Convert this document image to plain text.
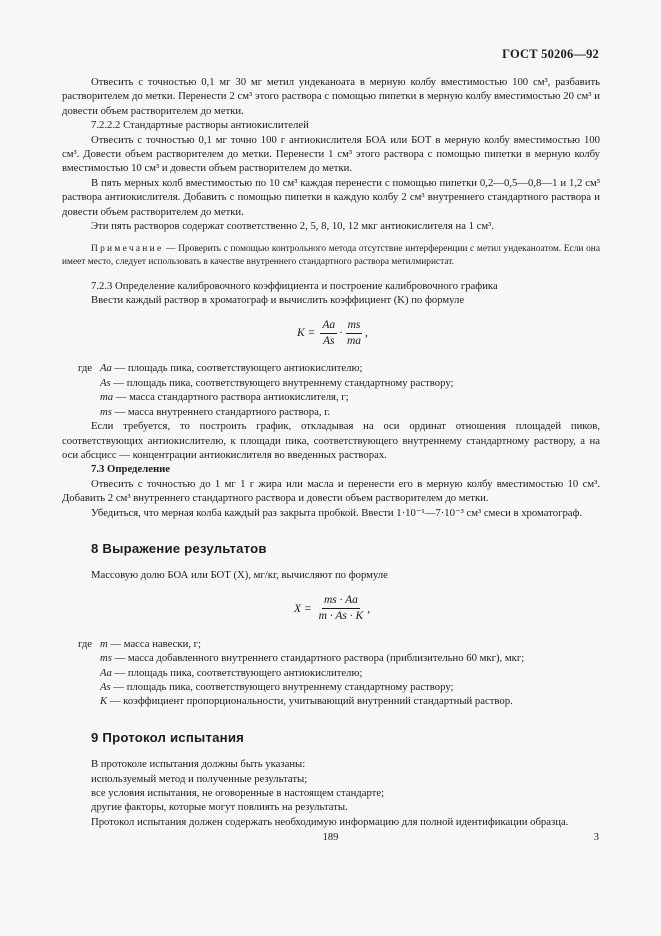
ГОСТ 50206—92

Отвесить с точностью 0,1 мг 30 мг метил ундеканоата в мерную колбу вместимостью 100 см³, разбавить растворителем до метки. Перенести 2 см³ этого раствора с помощью пипетки в мерную колбу вместимостью 20 см³ и довести объем растворителем до метки.

7.2.2.2 Стандартные растворы антиокислителей

Отвесить с точностью 0,1 мг точно 100 г антиокислителя БОА или БОТ в мерную колбу вместимостью 100 см³. Довести объем растворителем до метки. Перенести 1 см³ этого раствора с помощью пипетки в мерную колбу вместимостью 10 см³ и довести объем растворителем до метки.

В пять мерных колб вместимостью по 10 см³ каждая перенести с помощью пипетки 0,2—0,5—0,8—1 и 1,2 см³ раствора антиокислителя. Добавить с помощью пипетки в каждую колбу 2 см³ внутреннего стандартного раствора и довести объем растворителем до метки.

Эти пять растворов содержат соответственно 2, 5, 8, 10, 12 мкг антиокислителя на 1 см³.

Примечание — Проверить с помощью контрольного метода отсутствие интерференции с метил ундеканоатом. Если она имеет место, следует использовать в качестве внутреннего стандартного раствора метилмиристат.

7.2.3 Определение калибровочного коэффициента и построение калибровочного графика

Ввести каждый раствор в хроматограф и вычислить коэффициент (K) по формуле

$K = \frac{Aa}{As} \cdot \frac{ms}{ma}$ ,
где Aa — площадь пика, соответствующего антиокислителю;
As — площадь пика, соответствующего внутреннему стандартному раствору;
ma — масса стандартного раствора антиокислителя, г;
ms — масса внутреннего стандартного раствора, г.

Если требуется, то построить график, откладывая на оси ординат отношения площадей пиков, соответствующих антиокислителю, к площади пика, соответствующего внутреннему стандартному раствору, а на оси абсцисс — концентрации антиокислителя во введенных растворах.

7.3 Определение

Отвесить с точностью до 1 мг 1 г жира или масла и перенести его в мерную колбу вместимостью 10 см³. Добавить 2 см³ внутреннего стандартного раствора и довести объем растворителем до метки.

Убедиться, что мерная колба каждый раз закрыта пробкой. Ввести 1·10⁻¹—7·10⁻³ см³ смеси в хроматограф.

8 Выражение результатов

Массовую долю БОА или БОТ (X), мг/кг, вычисляют по формуле

$X = \frac{ms \cdot Aa}{m \cdot As \cdot K}$ ,
где m — масса навески, г;
ms — масса добавленного внутреннего стандартного раствора (приблизительно 60 мкг), мкг;
Aa — площадь пика, соответствующего антиокислителю;
As — площадь пика, соответствующего внутреннему стандартному раствору;
K — коэффициент пропорциональности, учитывающий внутренний стандартный раствор.
9 Протокол испытания

В протоколе испытания должны быть указаны:

используемый метод и полученные результаты;

все условия испытания, не оговоренные в настоящем стандарте;

другие факторы, которые могут повлиять на результаты.

Протокол испытания должен содержать необходимую информацию для полной идентификации образца.

189	3
